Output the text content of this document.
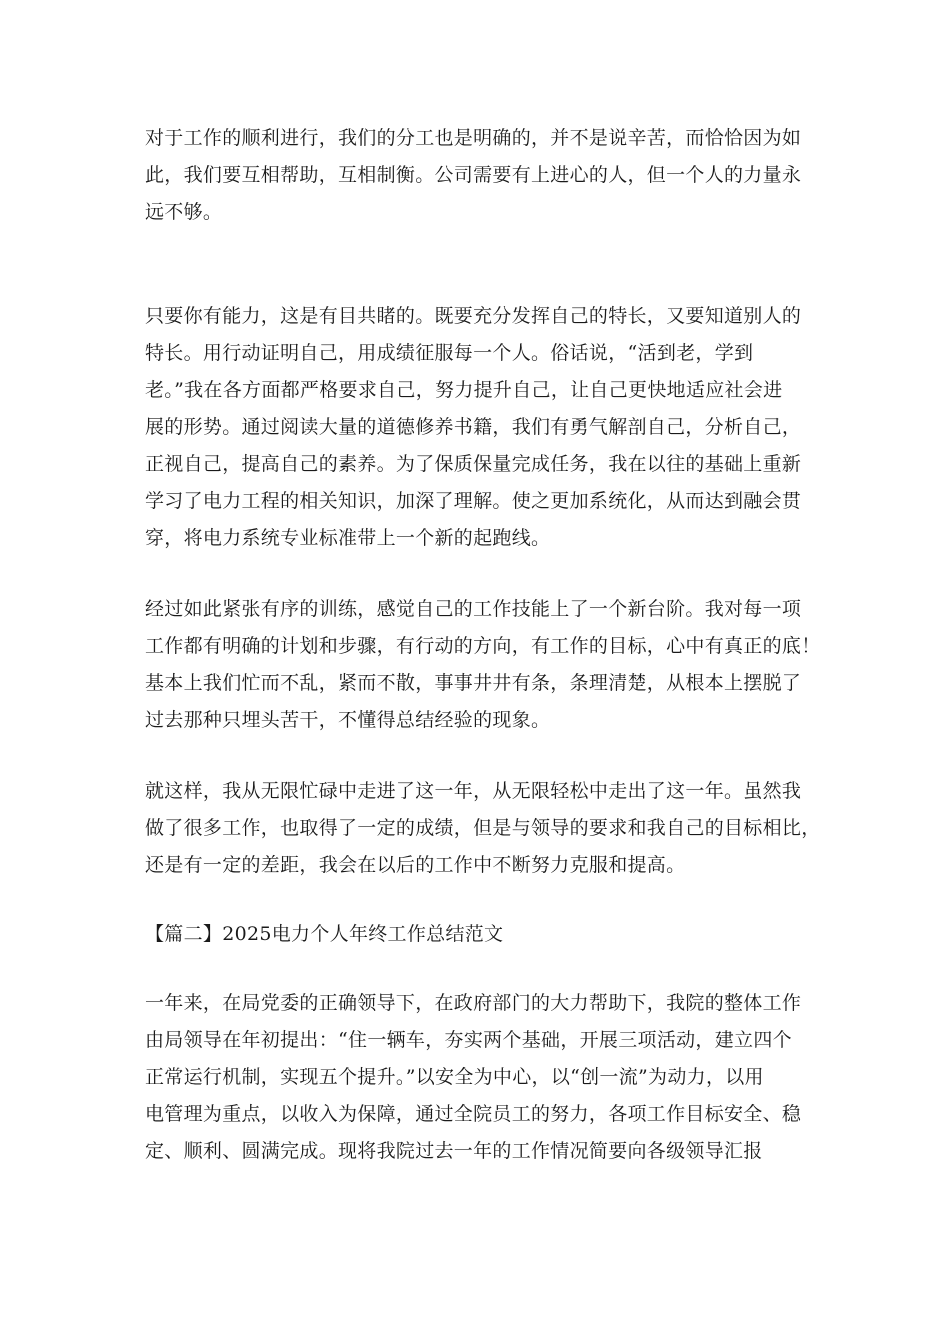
对于工作的顺利进行，我们的分工也是明确的，并不是说辛苦，而恰恰因为如
此，我们要互相帮助，互相制衡。公司需要有上进心的人，但一个人的力量永
远不够。
只要你有能力，这是有目共睹的。既要充分发挥自己的特长，又要知道别人的
特长。用行动证明自己，用成绩征服每一个人。俗话说，“活到老，学到
老。”我在各方面都严格要求自己，努力提升自己，让自己更快地适应社会进
展的形势。通过阅读大量的道德修养书籍，我们有勇气解剖自己，分析自己，
正视自己，提高自己的素养。为了保质保量完成任务，我在以往的基础上重新
学习了电力工程的相关知识，加深了理解。使之更加系统化，从而达到融会贯
穿，将电力系统专业标准带上一个新的起跑线。
经过如此紧张有序的训练，感觉自己的工作技能上了一个新台阶。我对每一项
工作都有明确的计划和步骤，有行动的方向，有工作的目标，心中有真正的底！
基本上我们忙而不乱，紧而不散，事事井井有条，条理清楚，从根本上摆脱了
过去那种只埋头苦干，不懂得总结经验的现象。
就这样，我从无限忙碌中走进了这一年，从无限轻松中走出了这一年。虽然我
做了很多工作，也取得了一定的成绩，但是与领导的要求和我自己的目标相比，
还是有一定的差距，我会在以后的工作中不断努力克服和提高。
【篇二】2025电力个人年终工作总结范文
一年来，在局党委的正确领导下，在政府部门的大力帮助下，我院的整体工作
由局领导在年初提出：“住一辆车，夯实两个基础，开展三项活动，建立四个
正常运行机制，实现五个提升。”以安全为中心，以“创一流”为动力，以用
电管理为重点，以收入为保障，通过全院员工的努力，各项工作目标安全、稳
定、顺利、圆满完成。现将我院过去一年的工作情况简要向各级领导汇报
